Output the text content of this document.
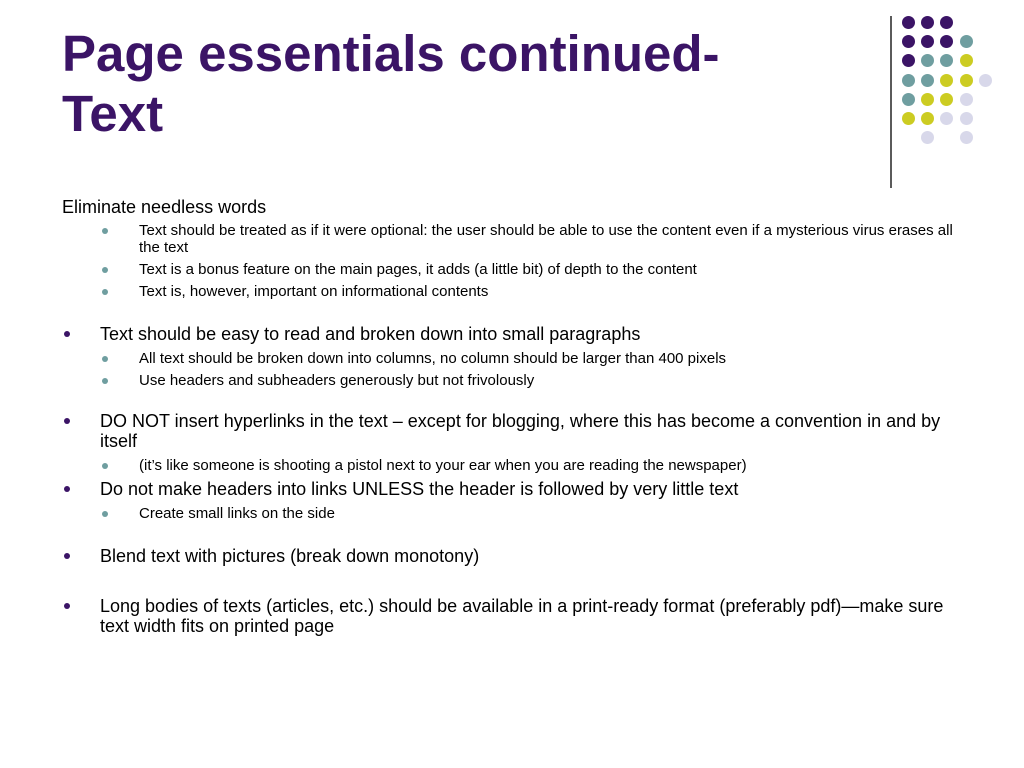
Page essentials continued-
Text
Eliminate needless words
Text should be treated as if it were optional: the user should be able to use the content even if a mysterious virus erases all the text
Text is a bonus feature on the main pages, it adds (a little bit) of depth to the content
Text is, however, important on informational contents
Text should be easy to read and broken down into small paragraphs
All text should be broken down into columns, no column should be larger than 400 pixels
Use headers and subheaders generously but not frivolously
DO NOT insert hyperlinks in the text – except for blogging, where this has become a convention in and by itself
(it’s like someone is shooting a pistol next to your ear when you are reading the newspaper)
Do not make headers into links UNLESS the header is followed by very little text
Create small links on the side
Blend text with pictures (break down monotony)
Long bodies of texts (articles, etc.) should be available in a print-ready format (preferably pdf)—make sure text width fits on printed page
